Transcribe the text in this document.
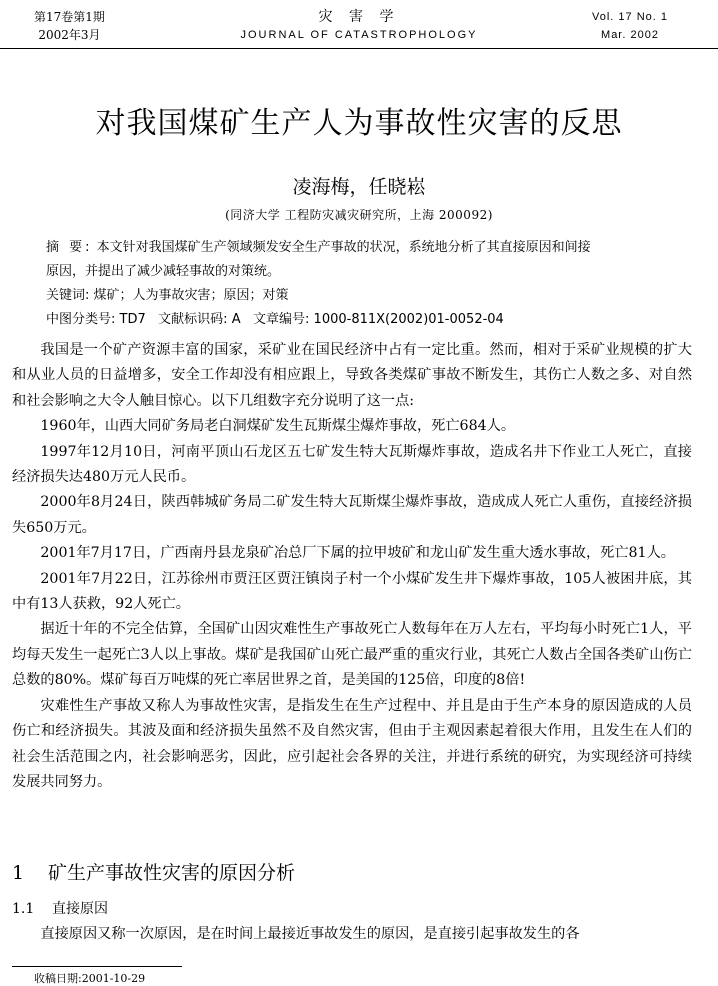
灾 害 学
JOURNAL OF CATASTROPHOLOGY
第17卷第1期
2002年3月
Vol. 17 No. 1
Mar. 2002
对我国煤矿生产人为事故性灾害的反思
凌海梅，任晓崧
(同济大学 工程防灾减灾研究所，上海 200092)
摘 要: 本文针对我国煤矿生产领域频发安全生产事故的状况，系统地分析了其直接原因和间接
原因，并提出了减少减轻事故的对策统。
关键词: 煤矿；人为事故灾害；原因；对策
中图分类号: TD7 文献标识码: A 文章编号: 1000-811X(2002)01-0052-04

我国是一个矿产资源丰富的国家，采矿业在国民经济中占有一定比重。然而，相对于采矿业规模的扩大和从业人员的日益增多，安全工作却没有相应跟上，导致各类煤矿事故不断发生，其伤亡人数之多、对自然和社会影响之大令人触目惊心。以下几组数字充分说明了这一点:

1960年，山西大同矿务局老白洞煤矿发生瓦斯煤尘爆炸事故，死亡684人。

1997年12月10日，河南平顶山石龙区五七矿发生特大瓦斯爆炸事故，造成名井下作业工人死亡，直接经济损失达480万元人民币。

2000年8月24日，陕西韩城矿务局二矿发生特大瓦斯煤尘爆炸事故，造成成人死亡人重伤，直接经济损失650万元。

2001年7月17日，广西南丹县龙泉矿冶总厂下属的拉甲坡矿和龙山矿发生重大透水事故，死亡81人。

2001年7月22日，江苏徐州市贾汪区贾汪镇岗子村一个小煤矿发生井下爆炸事故，105人被困井底，其中有13人获救，92人死亡。

据近十年的不完全估算，全国矿山因灾难性生产事故死亡人数每年在万人左右，平均每小时死亡1人，平均每天发生一起死亡3人以上事故。煤矿是我国矿山死亡最严重的重灾行业，其死亡人数占全国各类矿山伤亡总数的80%。煤矿每百万吨煤的死亡率居世界之首，是美国的125倍，印度的8倍!

灾难性生产事故又称人为事故性灾害，是指发生在生产过程中、并且是由于生产本身的原因造成的人员伤亡和经济损失。其波及面和经济损失虽然不及自然灾害，但由于主观因素起着很大作用，且发生在人们的社会生活范围之内，社会影响恶劣，因此，应引起社会各界的关注，并进行系统的研究，为实现经济可持续发展共同努力。

1 矿生产事故性灾害的原因分析
1.1 直接原因
　　直接原因又称一次原因，是在时间上最接近事故发生的原因，是直接引起事故发生的各
收稿日期:2001-10-29
